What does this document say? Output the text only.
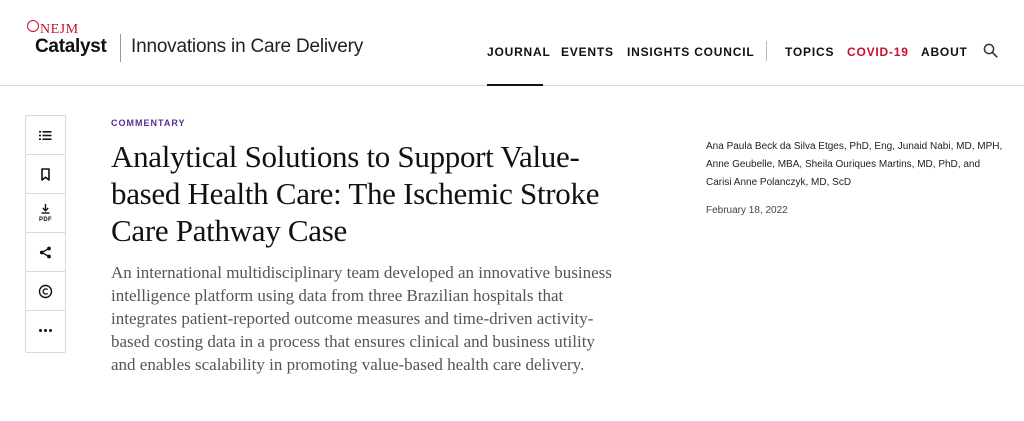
NEJM
Catalyst Innovations in Care Delivery	JOURNAL EVENTS INSIGHTS COUNCIL	TOPICS COVID-19 ABOUT
PDF
COMMENTARY
Analytical Solutions to Support Value-based Health Care: The Ischemic Stroke Care Pathway Case

An international multidisciplinary team developed an innovative business intelligence platform using data from three Brazilian hospitals that integrates patient-reported outcome measures and time-driven activity-based costing data in a process that ensures clinical and business utility and enables scalability in promoting value-based health care delivery.

Ana Paula Beck da Silva Etges, PhD, Eng, Junaid Nabi, MD, MPH, Anne Geubelle, MBA, Sheila Ouriques Martins, MD, PhD, and Carisi Anne Polanczyk, MD, ScD
February 18, 2022
